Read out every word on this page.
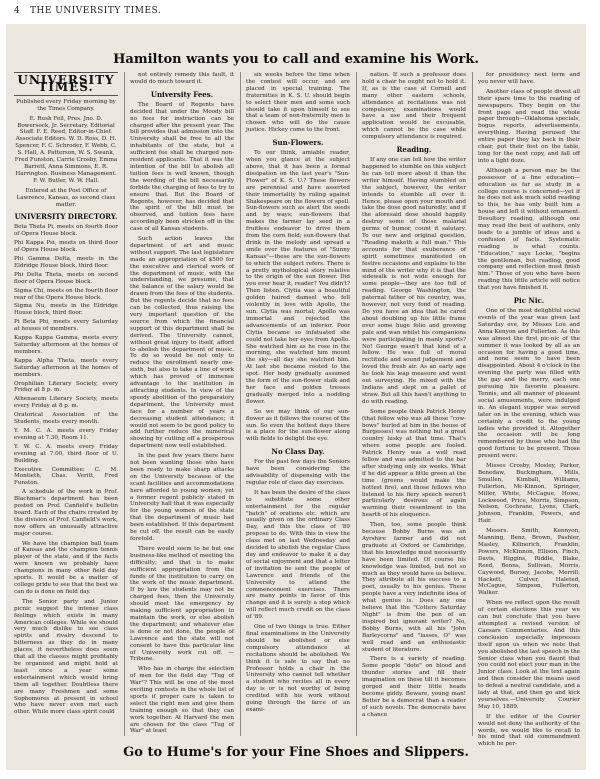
4 THE UNIVERSITY TIMES.
Hamilton wants you to call and examine his Work.
UNIVERSITY TIMES.

Published every Friday morning by the Times Company.

E. Rush Fell, Pres. Jno. D. Bowersock, Jr. Secretary. Editorial Staff. F. E. Reed, Editor-in-Chief. Associate Editors. W. D. Ross, D. H. Spencer, F. C. Schroder, F. Webb, C. S. Hall, A. Patterson, W. S. Swank, Fred Funston, Carrie Crosby, Emma Barrett, Anna Simmons, E. R. Harrington. Business Management. F. W. Butler, W. W. Hall.

Entered at the Post Office of Lawrence, Kansas, as second class matter.

UNIVERSITY DIRECTORY.

Beta Theta Pi, meets on fourth floor of Opera House block.

Phi Kappa Psi, meets on third floor of Opera House block.

Phi Gamma Delta, meets in the Eldridge House block, third floor.

Phi Delta Theta, meets on second floor of Opera House block.

Sigma Chi, meets on the fourth floor rear of the Opera House block.

Sigma Nu, meets in the Eldridge House block, third floor.

Pi Beta Phi, meets every Saturday at houses of members.

Kappa Kappa Gamma, meets every Saturday afternoon at the homes of members.

Kappa Alpha Theta, meets every Saturday afternoon at the homes of members.

Orophilian Literary Society, every Friday at 8 p. m.

Athenaeum Literary Society, meets every Friday at 8 p. m.

Oratorical Association of the Students, meets every month.

Y. M. C. A. meets every Friday evening at 7.30, Room 11.

Y. W. C. A. meets every Friday evening at 7.00, third floor of U. Building.

Executive Committee: C. M. Montieth, Chas. Veritt, Fred Funston.

A schedule of the work in Prof. Blachmar's department has been posted on Prof. Canfield's bulletin board. Each of the chairs created by the division of Prof. Canfield's work, now offers an unusually attractive major course.

We have the champion ball team of Kansas and the champion tennis player of the state, and if the facts were known we probably have champions in many other field day sports. It would be a matter of college pride to see that the best we can do is done on field day.

The Senior party and Junior picnic suggest the intense class feelings which exists in many American colleges. While we should very much dislike to see class spirits and rivalry descend to bitterness as they do in many places, it nevertheless does seem that all the classes might profitably be organized and might hold at least once a year some entertainment which would bring them all together. Doubtless there are many Freshmen and some Sophomores at present in school who have never even met each other. While more class spirit could

not entirely remedy this fault, it would do much toward it.

University Fees.

The Board of Regents have decided that under the Moody bill no fees for instruction can be charged after the present year. The bill provides that admission into the University shall be free to all the inhabitants of the state, but a sufficient fee shall be charged non-resident applicants. That it was the intention of the bill to abolish all tuition fees is well known, though the wording of the bill necessarily forbids the charging of fees to try to ensure that. But the Board of Regents, however, has decided that the spirit of the bill must be observed, and tuition fees have accordingly been stricken off in the case of all Kansas students.

Such action leaves the department of art and music without support. The last legislature made an appropriation of $500 for the executive and clerical work of the department of music, with the understanding, we presume, that the balance of the salary would be drawn from the fees of the students. But the regents decide that no fees can be collected, thus raising the very important question of the source from which the financial support of this department shall be derived. The University cannot, without great injury to itself, afford to abolish the department of music. To do so would be not only to reduce the enrollment nearly one-sixth, but also to take a line of work which has proved of immense advantage to the institution in attracting students. In view of the speedy abolition of the preparatory department, the University must face for a number of years a decreasing student attendance; it would not seem to be good policy to add further reduce the numerical showing by cutting off a prosperous department now well established.

In the past few years there have not been wanting those who have been ready to make sharp attacks on the University because of the scant facilities and accommodations here afforded to young women; yet a former regent publicly stated in University hall that it was especially for the young women of the state that the department of music had been established. If this department be cut off, the result can be easily foretold.

There would seem to be but one business-like method of meeting the difficulty; and that is to make sufficient appropriation from the funds of the institution to carry on the work of the music department. If by law the students may not be charged fees, then the University should meet the emergency by making sufficient appropriation to maintain the work, or else abolish the department; and whatever else is done or not done, the people of Lawrence and the state will not consent to have this particular line of University work cut off. —Tribune.

Who has in charge the selection of men for the field day "Tug of War"? This will be one of the most exciting contests in the whole list of sports if proper care is taken to select the right men and give them training enough so that they can work together. At Harvard the men are chosen for the class "Tug of War" at least

six weeks before the time when the contest will occur, and are placed in special training. The fraternities in K. S. U. should begin to select their men and some such should take it upon himself to see that a team of non-fraternity men is chosen who will do the cause justice. Hickey come to the front.

Sun-Flowers.

To our think, amiable reader, when you glance at the subject above, that it has been a formal dissipation on the last year's "Sun-Flower" of K. S. U.? These flowers are perennial and have asserted their immortality by ruling against Shakespeare on the flowers of spell. Sun-flowers such as alert the seeds and by ways; sun-flowers that makes the farmer lay seed in a fruitless endeavor to drive them from the corn field; sun-flowers that drink in the melody and spread a smile over the features of "Sunny Kansas"—these are the sun-flowers to which the subject refers. There is a pretty mythological story relative to the origin of the sun flower. Did you ever hear it, reader? You didn't? Then listen. Clytia was a beautiful golden haired damsel who fell violently in love with Apollo, the sun. Clytia was mortal; Apollo was immortal and rejected the advancements of an inferior. Poor Clytia became so infatuated she could not take her eyes from Apollo. She watched him as he rose in the morning, she watched him mount the sky—all day she watched him. At last she became rooted to the spot. Her body gradually assumed the form of the sun-flower stalk and her face and golden tresses gradually merged into a nodding flower.

So we may think of our sun-flower as it follows the course of the sun. So even the hottest days there is a place for the sun-flower along with fields to delight the eye.

No Class Day.

For the past few days the Seniors have been considering the advisability of dispensing with the regular role of class day exercises.

It has been the desire of the class to substitute some other entertainment for the regular "batch" of orations etc. which are usually given on the ordinary Class Day, and this the class of '89 propose to do. With this in view the class met on last Wednesday and decided to abolish the regular Class day and endeavor to make it a day of social enjoyment and that a letter of invitation be sent the people of Lawrence and friends of the University to attend the commencement exercises. There are many points in favor of this change and it is surely a step which will reflect much credit on the class of '89.

One of two things is true. Either final examinations in the University should be abolished or else compulsory attendance at recitations should be abolished. We think it is safe to say that no Professor holds a chair in the University who cannot tell whether a student who recites all in every day is or is not worthy of being credited with his work without going through the farce of an exami-

nation. If such a professor does hold a chair he ought not to hold it. If, as is the case at Cornell and many other eastern schools, attendance at recitations was not compulsory, examinations would have a use and their frequent application would be excusable, which cannot be the case while compulsory attendance is required.

Reading.

If any one can tell how the writer happened to stumble on this subject he can tell more about it than the writer himself. Having stumbled on the subject, however, the writer intends to stumble all over it. Hence, please open your mouth and take the dose good naturedly; and if the aforesaid dose should happily destroy some of those malarial germs of humor, count it salutary. To our new and original question, "Reading maketh a full man." This accounts for that exuberance of spirit sometimes manifested on festive occasions and explains to the mind of the writer why it is that the sidewalk is not wide enough for some people—they are too full of reading. George Washington, the paternal father of his country, was, however, not very fond of reading. Do you have an idea that he cared about doubling up his little frame over some huge folio and growing pale and wan whilst his companions were participating in manly sports? No! George wasn't that kind of a fellow. He was full of moral rectitude and sound judgement and loved the fresh air. As an early age he took his leap measure and went out surveying. He mixed with the Indians and slept on a pallet of straw. But all this hasn't anything to do with reading.

Some people think Patrick Henry (that fellow who was all those "cow-bows" hurled at him in the house of Burgesses) was nothing but a great country lusky at that time. That's where some people are fooled. Patrick Henry was a well read fellow and was admitted to the bar after studying only six weeks. What if he did appear a little green at the time (greens would make the hottest fire), and those fellows who listened to his fiery speech weren't particularly desirous of again warming their resentment in the hearth of his eloquence.

Then, too, some people think because Bobby Burns was an Ayrshire farmer and did not graduate at Oxford or Cambridge, that his knowledge must necessarily have been limited. Of course his knowledge was limited, but not so much as they would have us believe. They attribute all his success to a poet, usually to his genius. These people have a very indefinite idea of what genius is. Does any one believe that the "Cotters Saturday Night" is from the pen of an inspired but ignorant writer? No, Bobby Burns, with all his "John Barleycorns" and "lasses, O" was well read and an enthusiastic student of literature.

There is a variety of reading. Some people "dote" on blood and thunder stories and fill their imagination on these till it becomes gorged and their little heads become giddy. Beware, young man! Better be a democrat than a reader of such novels. The democrats have a chance

for presidency next term and you never will have.

Another class of people divest all their spare time to the reading of newspapers. They begin on the front page and read the whole paper through—Oklahoma specials, bogus reports, advertisements, everything. Having perused the entire paper they lay back in their chair, put their feet on the table, long for the next copy, and fall off into a light doze.

Although a person may be the possessor of a fine education—education as far as study in a college course is concerned—yet if he does not ask much solid reading to this, he has only built him a house and left it without ornament. Desultory reading, although one may read the best of authors, only leads to a jumble of ideas and a confusion of facts. Systematic reading is what counts. "Education," says Locke, "begins the gentleman, but reading, good company and reflection must finish him." Those of you who have been reading this little article will notice that you have finished it.

Pic Nic.

One of the most delightful social events of the year was given last Saturday eve, by Misses Lou and Anna Kenyon and Fullerton. As this was almost the first pic-nic of the summer it was looked by all as an occasion for having a good time, and none seem to have been disappointed. About 4 o'clock in the evening the party was filled with the gay and the merry, each one pursuing his favorite pleasure. Tennis, and all manner of pleasant social amusements, were indulged in. An elegant supper was served later on in the evening, which was certainly a credit to the young ladies who provided it. Altogether the occasion will be long remembered by those who had the good fortune to be present. Those present were:

Misses Crosby, Mosley, Parker, Benedaw, Buckingham, Mills, Smullen, Kimball, Williams, Fullerton, Mc-Kinnon, Springer, Miller, White, McCague, Howe, Lockwood, Price, Morris, Simpson, Nelson, Cochrane, Lyons, Clark, Johnson, Franklin, Powers, and Hair.

Messrs. Smith, Kennyon, Manning, Benz, Brown, Pashler, Masley, Kilinerich, Franklin, Powers, McKinnon, Ellison, Finch, Davis, Higgins, Riddle, Blake, Reed, Benns, Sullivan, Morris, Caywood, Bursey, Jacobs, Merrill, Hackett, Culver, Haleted, McCague, Simpson, Fullerton, Walker.

When we reflect upon the result of certain elections this year we can but conclude that you have attempted a revised version of Caesars Commentaries. And this conclusion especially impresses itself upon us when we note that you abolished the last speech in the Senior class when you flaunt that you could not elect your man in the Junior class. Look at the text again and then consider the means used to defeat a neutral candidate, and a lady at that, and then go and kick yourselves.—University Courier May 10, 1889.

If the editor of the Courier would not deny the authority of the words, we would like to recall to his mind that old commandment which he per-

Go to Hume's for your Fine Shoes and Slippers.
